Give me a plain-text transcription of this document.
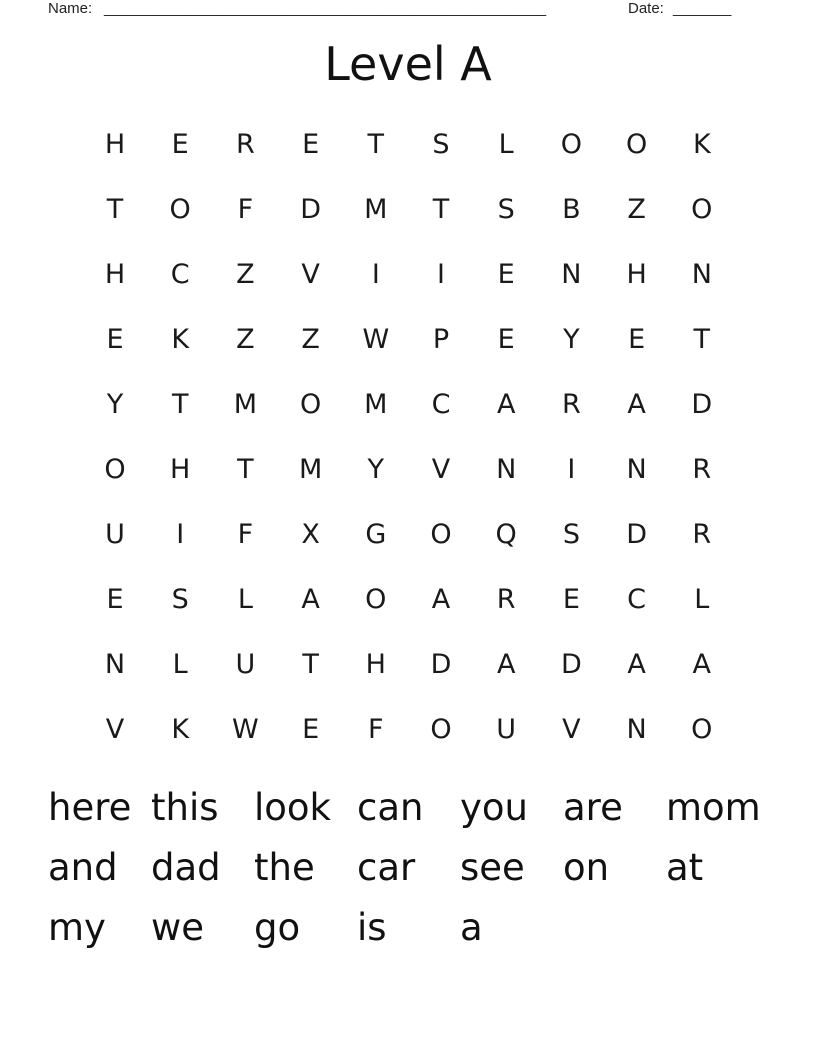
Name: _____________________________________________________	Date: _______
Level A
H	E	R	E	T	S	L	O	O	K
T	O	F	D	M	T	S	B	Z	O
H	C	Z	V	I	I	E	N	H	N
E	K	Z	Z	W	P	E	Y	E	T
Y	T	M	O	M	C	A	R	A	D
O	H	T	M	Y	V	N	I	N	R
U	I	F	X	G	O	Q	S	D	R
E	S	L	A	O	A	R	E	C	L
N	L	U	T	H	D	A	D	A	A
V	K	W	E	F	O	U	V	N	O
here this look can you are mom
and dad the car see on at
my we go is a
